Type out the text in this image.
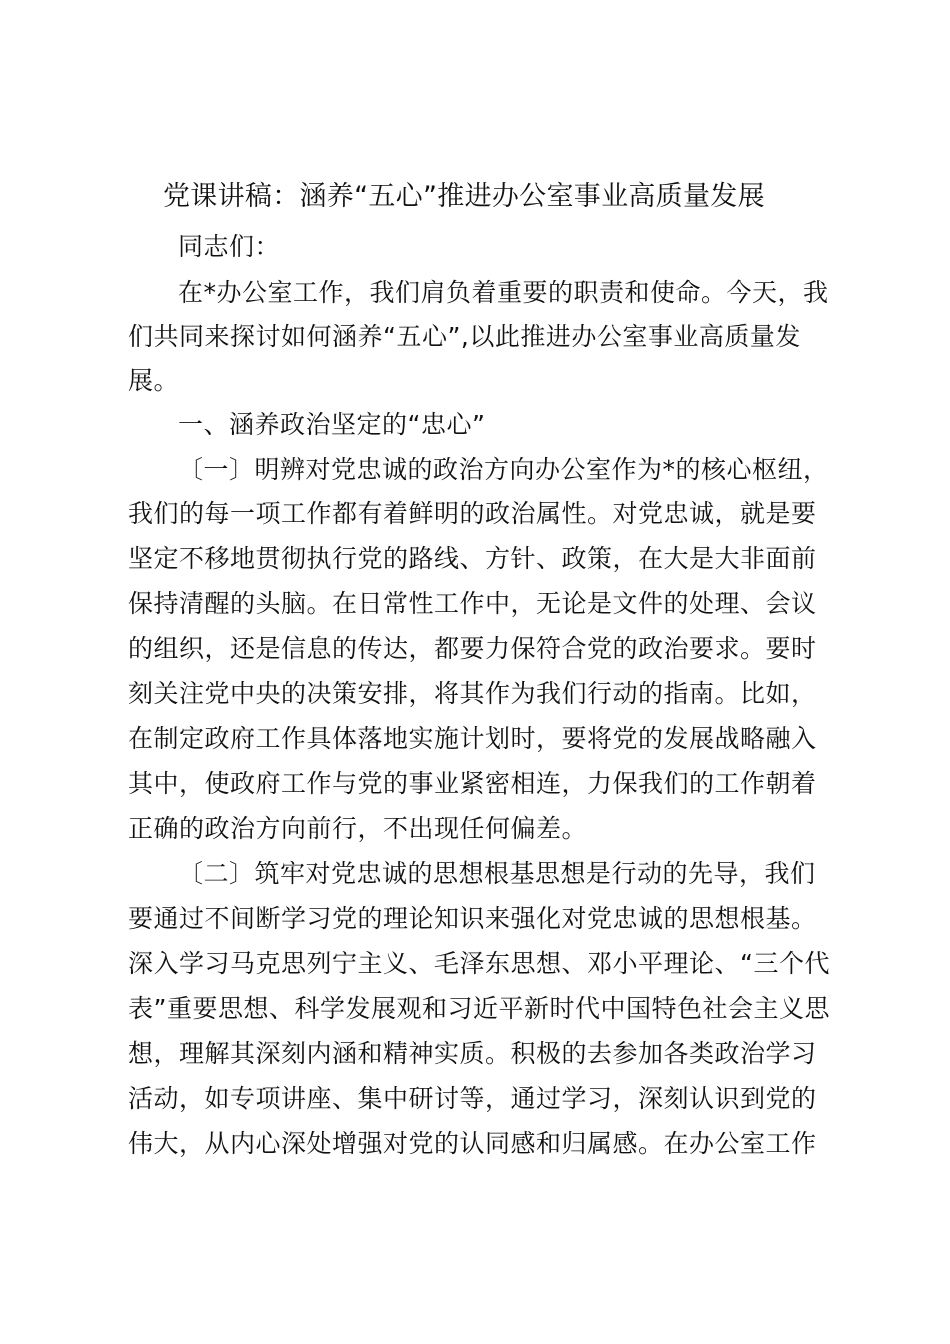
党课讲稿：涵养“五心”推进办公室事业高质量发展
同志们：
在*办公室工作，我们肩负着重要的职责和使命。今天，我
们共同来探讨如何涵养“五心”,以此推进办公室事业高质量发
展。
一、涵养政治坚定的“忠心”
〔一〕明辨对党忠诚的政治方向办公室作为*的核心枢纽，
我们的每一项工作都有着鲜明的政治属性。对党忠诚，就是要
坚定不移地贯彻执行党的路线、方针、政策，在大是大非面前
保持清醒的头脑。在日常性工作中，无论是文件的处理、会议
的组织，还是信息的传达，都要力保符合党的政治要求。要时
刻关注党中央的决策安排，将其作为我们行动的指南。比如，
在制定政府工作具体落地实施计划时，要将党的发展战略融入
其中，使政府工作与党的事业紧密相连，力保我们的工作朝着
正确的政治方向前行，不出现任何偏差。
〔二〕筑牢对党忠诚的思想根基思想是行动的先导，我们
要通过不间断学习党的理论知识来强化对党忠诚的思想根基。
深入学习马克思列宁主义、毛泽东思想、邓小平理论、“三个代
表”重要思想、科学发展观和习近平新时代中国特色社会主义思
想，理解其深刻内涵和精神实质。积极的去参加各类政治学习
活动，如专项讲座、集中研讨等，通过学习，深刻认识到党的
伟大，从内心深处增强对党的认同感和归属感。在办公室工作
